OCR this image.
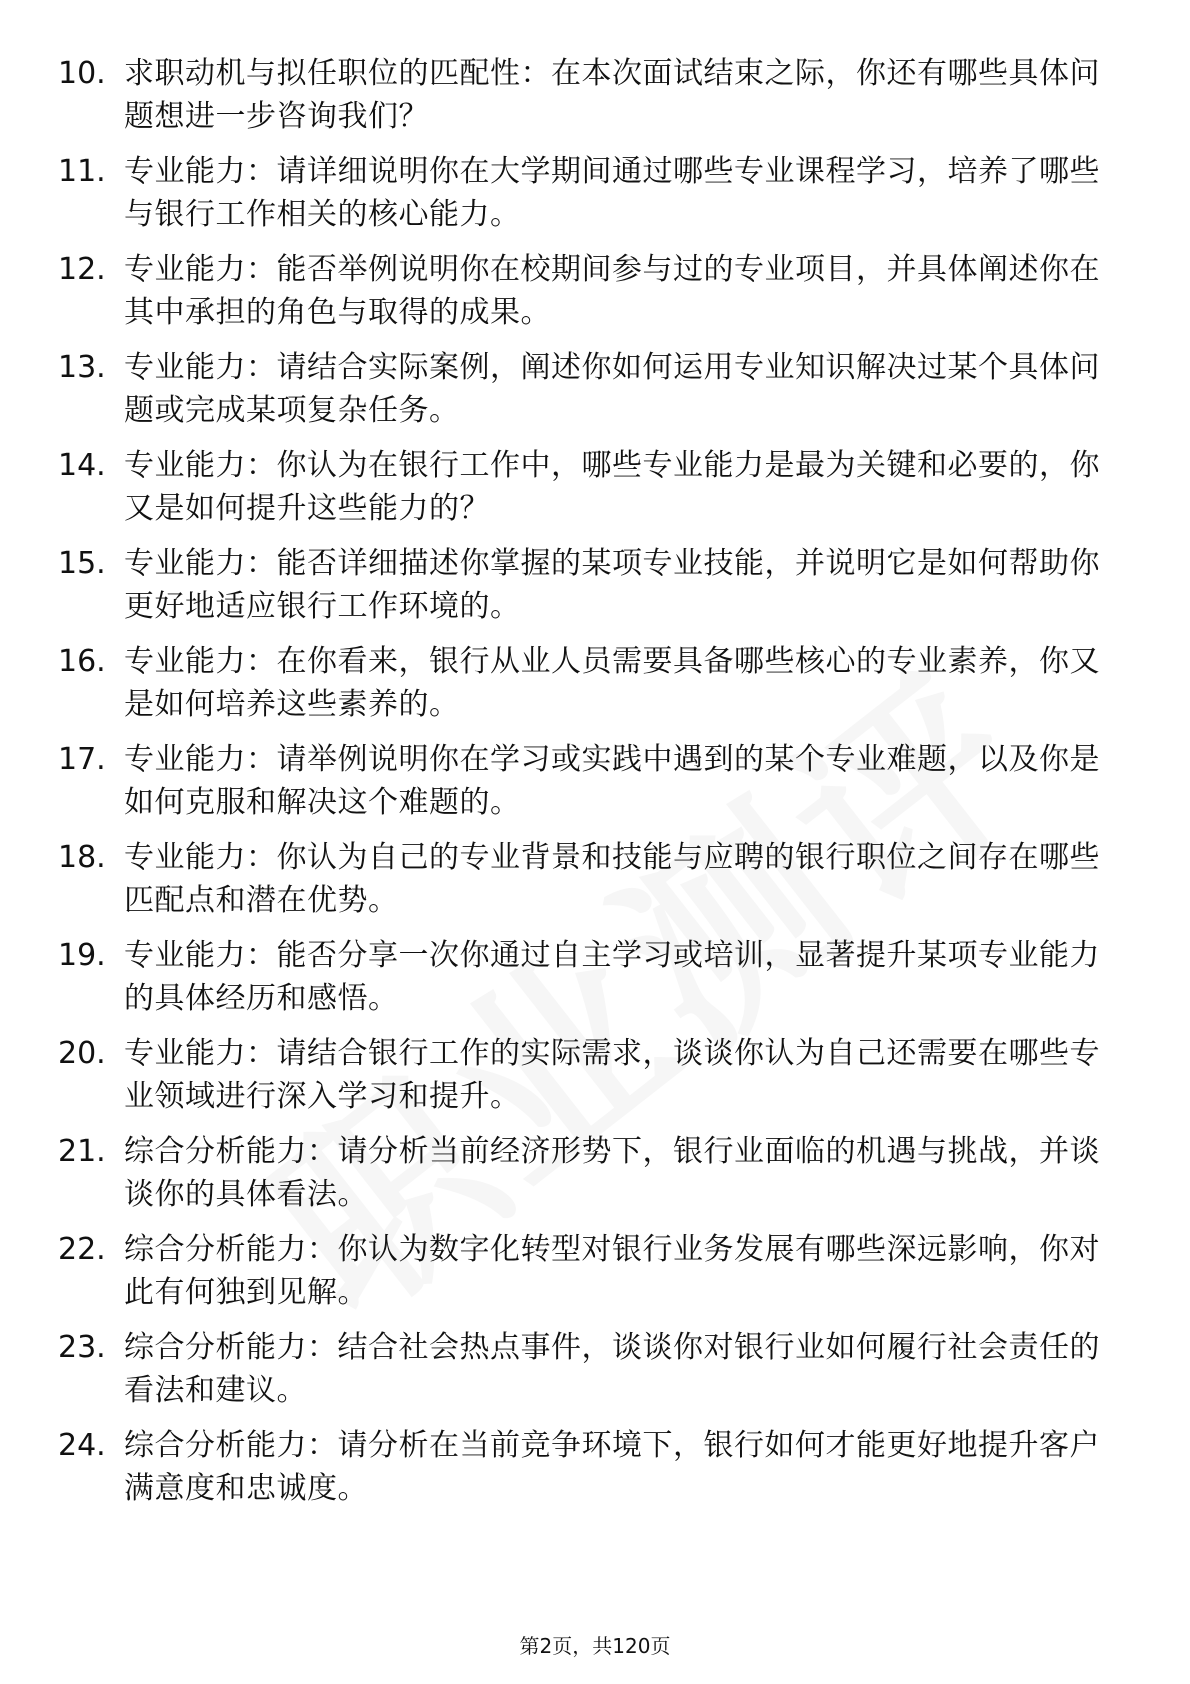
10. 求职动机与拟任职位的匹配性：在本次面试结束之际，你还有哪些具体问题想进一步咨询我们？
11. 专业能力：请详细说明你在大学期间通过哪些专业课程学习，培养了哪些与银行工作相关的核心能力。
12. 专业能力：能否举例说明你在校期间参与过的专业项目，并具体阐述你在其中承担的角色与取得的成果。
13. 专业能力：请结合实际案例，阐述你如何运用专业知识解决过某个具体问题或完成某项复杂任务。
14. 专业能力：你认为在银行工作中，哪些专业能力是最为关键和必要的，你又是如何提升这些能力的？
15. 专业能力：能否详细描述你掌握的某项专业技能，并说明它是如何帮助你更好地适应银行工作环境的。
16. 专业能力：在你看来，银行从业人员需要具备哪些核心的专业素养，你又是如何培养这些素养的。
17. 专业能力：请举例说明你在学习或实践中遇到的某个专业难题，以及你是如何克服和解决这个难题的。
18. 专业能力：你认为自己的专业背景和技能与应聘的银行职位之间存在哪些匹配点和潜在优势。
19. 专业能力：能否分享一次你通过自主学习或培训，显著提升某项专业能力的具体经历和感悟。
20. 专业能力：请结合银行工作的实际需求，谈谈你认为自己还需要在哪些专业领域进行深入学习和提升。
21. 综合分析能力：请分析当前经济形势下，银行业面临的机遇与挑战，并谈谈你的具体看法。
22. 综合分析能力：你认为数字化转型对银行业务发展有哪些深远影响，你对此有何独到见解。
23. 综合分析能力：结合社会热点事件，谈谈你对银行业如何履行社会责任的看法和建议。
24. 综合分析能力：请分析在当前竞争环境下，银行如何才能更好地提升客户满意度和忠诚度。
第2页，共120页
